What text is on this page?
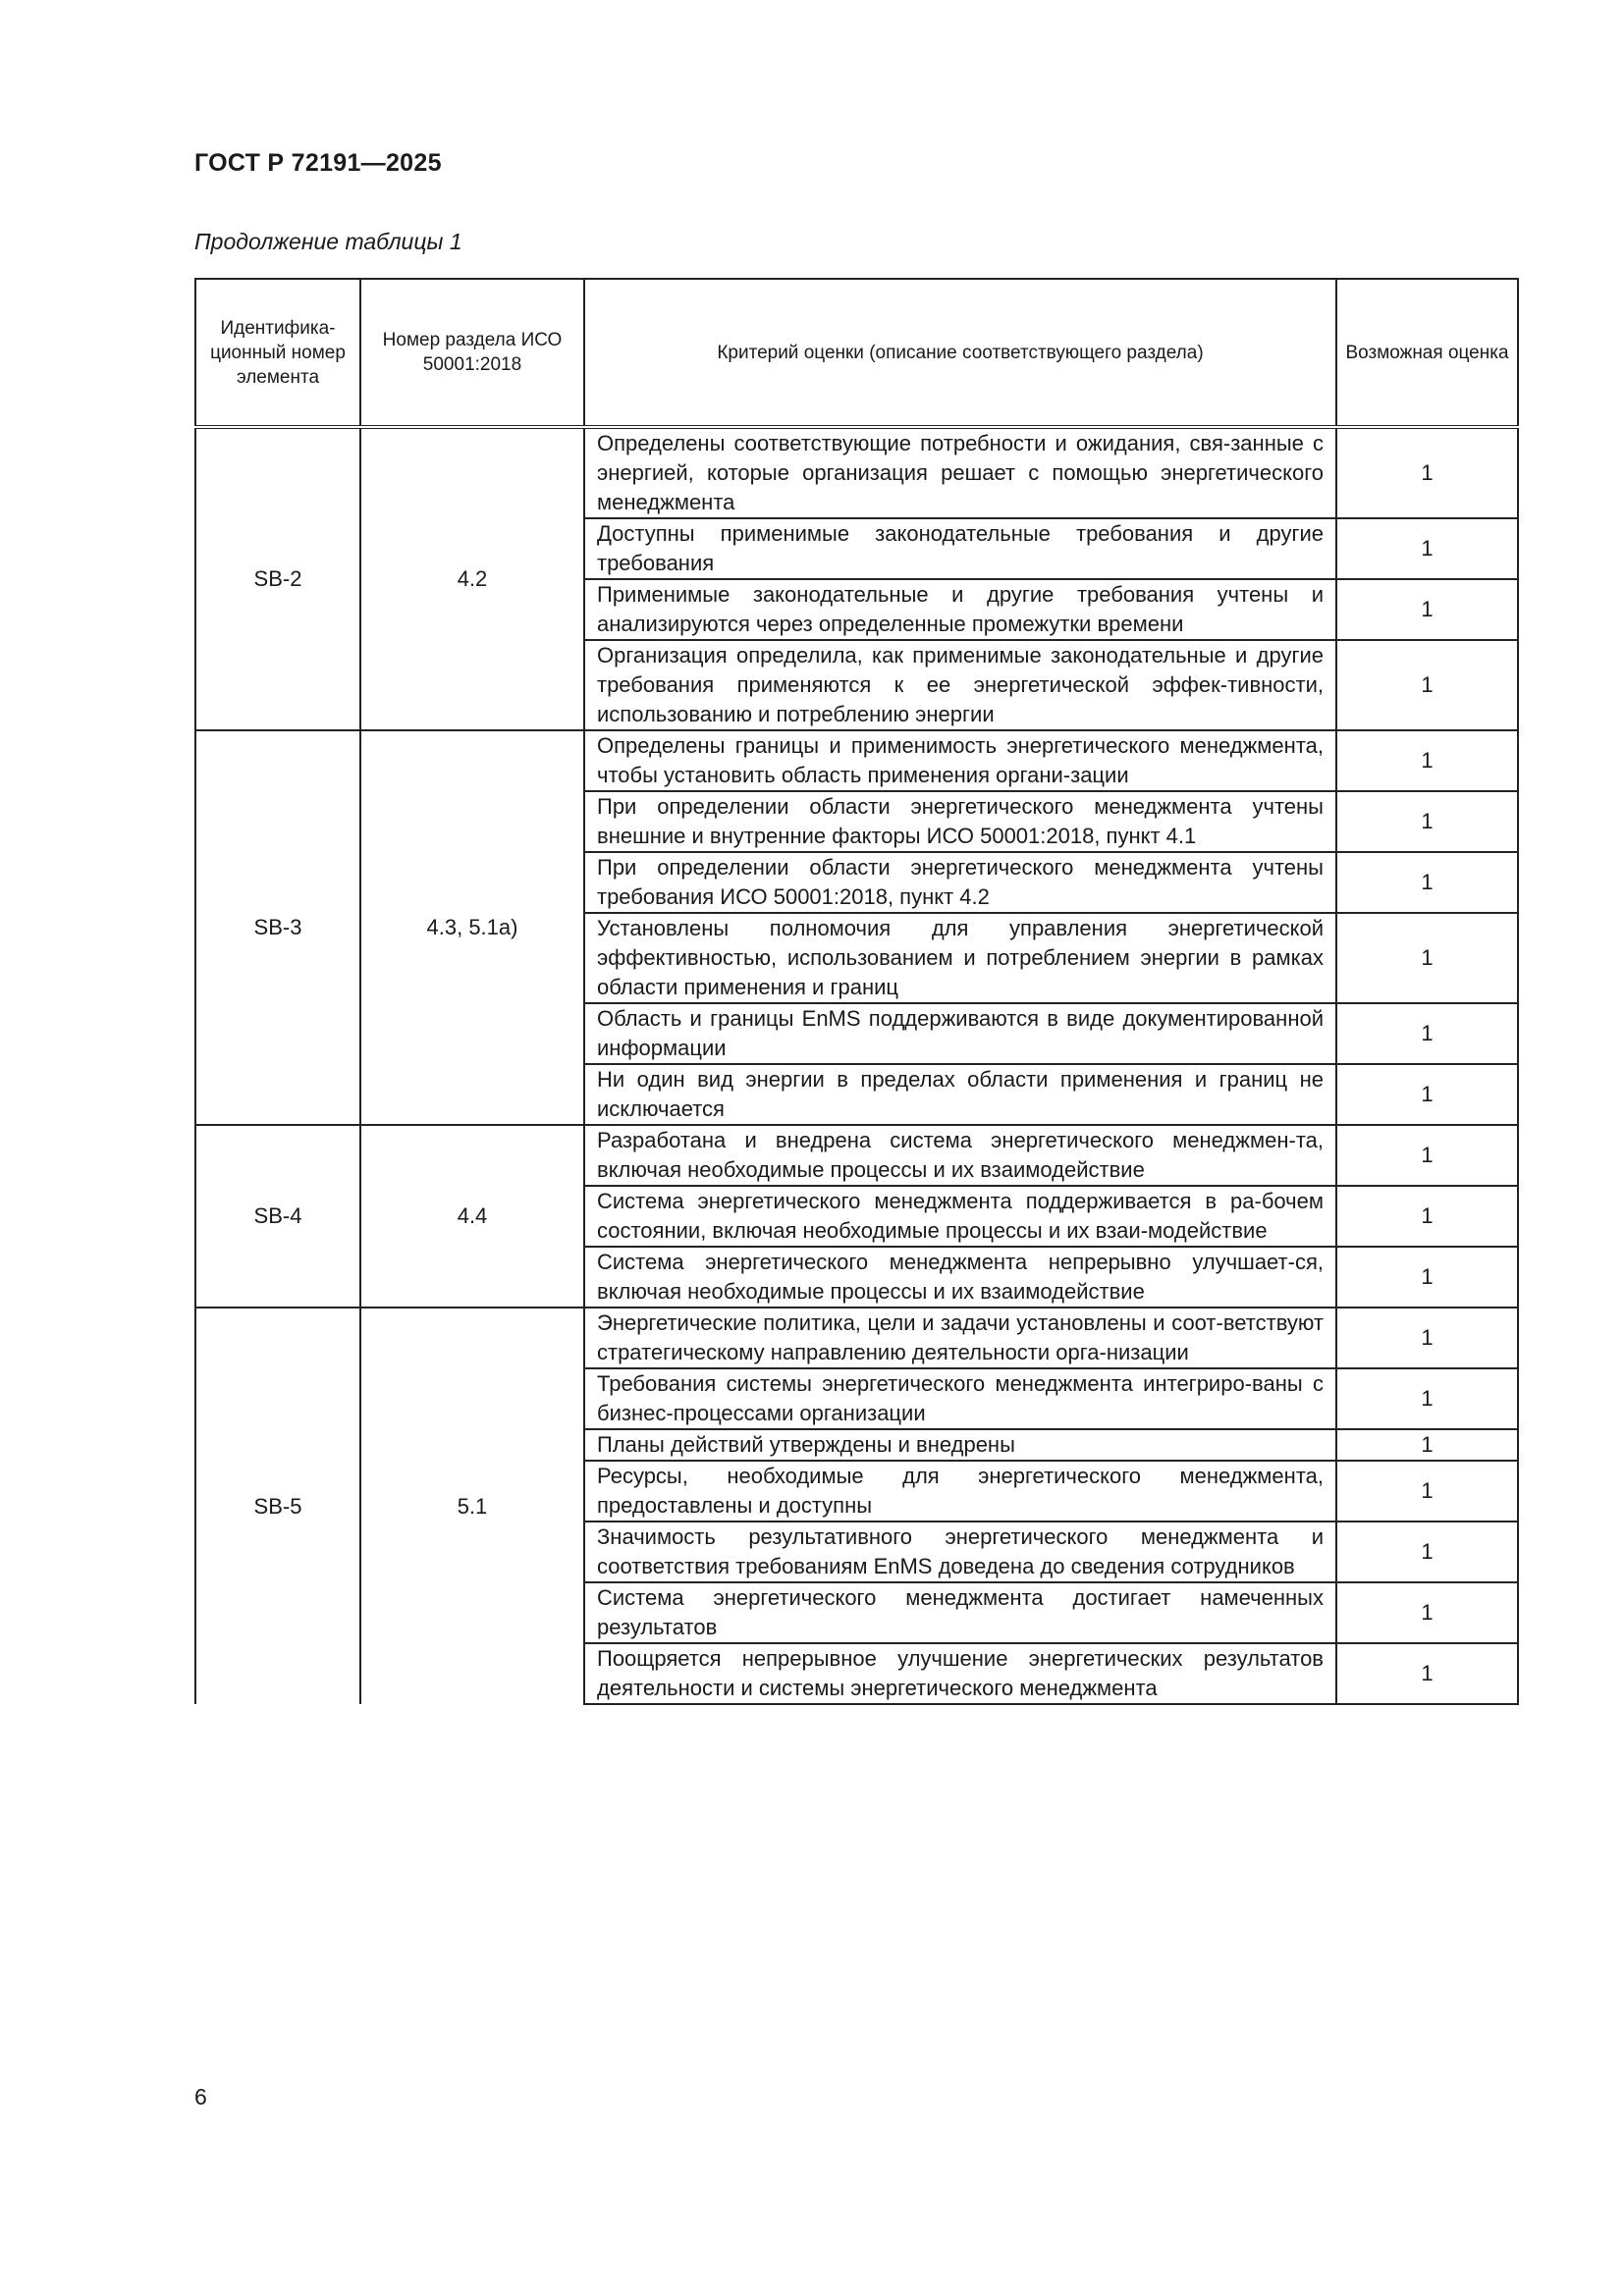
ГОСТ Р 72191—2025
Продолжение таблицы 1
Идентифика-ционный номер элемента	Номер раздела ИСО 50001:2018	Критерий оценки (описание соответствующего раздела)	Возможная оценка
SB-2	4.2	Определены соответствующие потребности и ожидания, свя-занные с энергией, которые организация решает с помощью энергетического менеджмента	1
		Доступны применимые законодательные требования и другие требования	1
		Применимые законодательные и другие требования учтены и анализируются через определенные промежутки времени	1
		Организация определила, как применимые законодательные и другие требования применяются к ее энергетической эффек-тивности, использованию и потреблению энергии	1
SB-3	4.3, 5.1a)	Определены границы и применимость энергетического менеджмента, чтобы установить область применения органи-зации	1
		При определении области энергетического менеджмента учтены внешние и внутренние факторы ИСО 50001:2018, пункт 4.1	1
		При определении области энергетического менеджмента учтены требования ИСО 50001:2018, пункт 4.2	1
		Установлены полномочия для управления энергетической эффективностью, использованием и потреблением энергии в рамках области применения и границ	1
		Область и границы EnMS поддерживаются в виде документированной информации	1
		Ни один вид энергии в пределах области применения и границ не исключается	1
SB-4	4.4	Разработана и внедрена система энергетического менеджмен-та, включая необходимые процессы и их взаимодействие	1
		Система энергетического менеджмента поддерживается в ра-бочем состоянии, включая необходимые процессы и их взаи-модействие	1
		Система энергетического менеджмента непрерывно улучшает-ся, включая необходимые процессы и их взаимодействие	1
SB-5	5.1	Энергетические политика, цели и задачи установлены и соот-ветствуют стратегическому направлению деятельности орга-низации	1
		Требования системы энергетического менеджмента интегриро-ваны с бизнес-процессами организации	1
		Планы действий утверждены и внедрены	1
		Ресурсы, необходимые для энергетического менеджмента, предоставлены и доступны	1
		Значимость результативного энергетического менеджмента и соответствия требованиям EnMS доведена до сведения сотрудников	1
		Система энергетического менеджмента достигает намеченных результатов	1
		Поощряется непрерывное улучшение энергетических результатов деятельности и системы энергетического менеджмента	1
6
